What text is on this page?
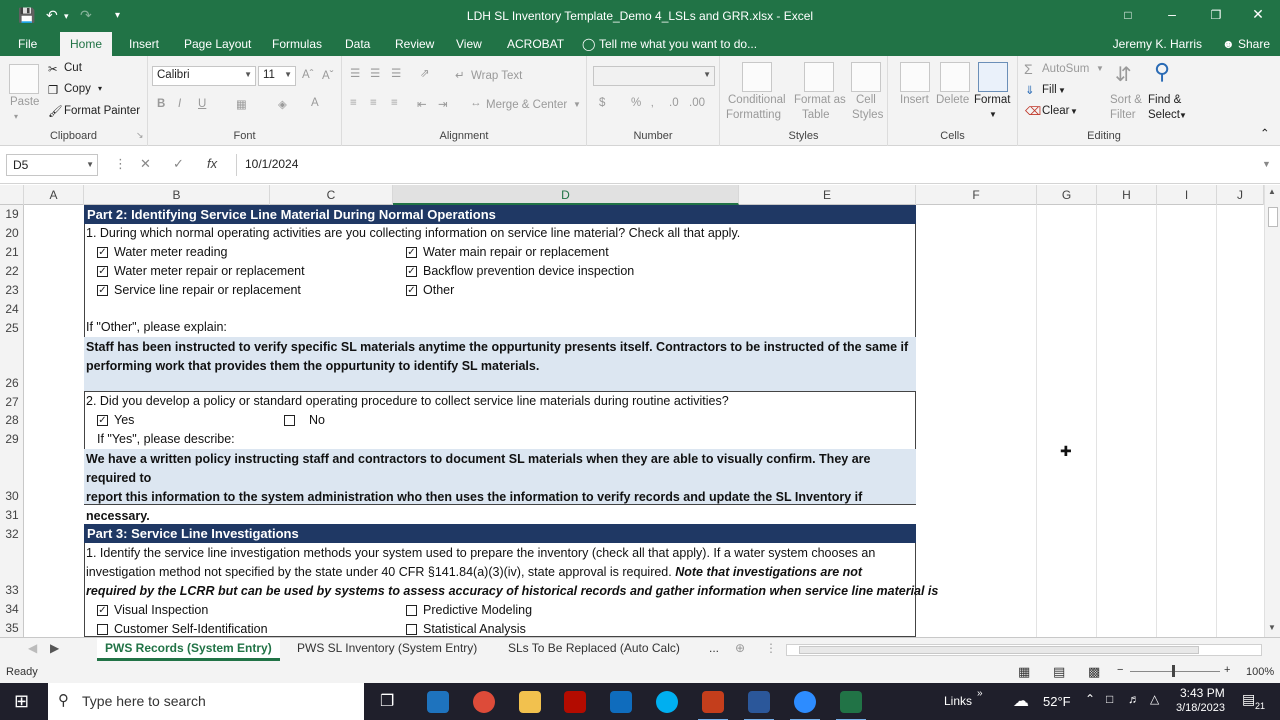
💾 ↶ ▾ ↷ ▾	LDH SL Inventory Template_Demo 4_LSLs and GRR.xlsx - Excel	□	–	❐	✕
File	Home	Insert Page Layout Formulas Data Review View ACROBAT ◯ Tell me what you want to do...	Jeremy K. Harris ☻ Share
Paste
▾
✂ Cut
❐ Copy ▾
🖌 Format Painter
Clipboard	↘
Calibri	▼ 11 ▼ Aˆ Aˇ
B I U	▦	◈ A
Font
☰ ☰ ☰ ⇗ ↵ Wrap Text
≡ ≡ ≡ ⇤ ⇥ ↔ Merge & Center ▼
Alignment
▼
$ % ‚ .0 .00
Number
Conditional
Formatting
Format as
Table
Cell
Styles
Styles
Insert Delete Format
▼
Cells
Σ AutoSum ▼
⇓ Fill ▼
⌫ Clear ▼
⇵
Sort &
Filter
⚲
Find &
Select ▼
Editing	⌃
D5	▼ ⋮ ✕ ✓ fx	10/1/2024	▼
A	B	C	D	E	F	G	H	I	J
19
20
21
22
23
24
25
26
27
28
29
30
31
32
33
34
35
Part 2: Identifying Service Line Material During Normal Operations
1. During which normal operating activities are you collecting information on service line material? Check all that apply.
✓ Water meter reading	✓ Water main repair or replacement
✓ Water meter repair or replacement	✓ Backflow prevention device inspection
✓ Service line repair or replacement	✓ Other
If "Other", please explain:
Staff has been instructed to verify specific SL materials anytime the oppurtunity presents itself. Contractors to be instructed of the same if
performing work that provides them the oppurtunity to identify SL materials.
2. Did you develop a policy or standard operating procedure to collect service line materials during routine activities?
✓ Yes	No
If "Yes", please describe:
We have a written policy instructing staff and contractors to document SL materials when they are able to visually confirm. They are required to
report this information to the system administration who then uses the information to verify records and update the SL Inventory if necessary.
Part 3: Service Line Investigations
1. Identify the service line investigation methods your system used to prepare the inventory (check all that apply). If a water system chooses an
investigation method not specified by the state under 40 CFR §141.84(a)(3)(iv), state approval is required. Note that investigations are not
required by the LCRR but can be used by systems to assess accuracy of historical records and gather information when service line material is
✓ Visual Inspection	Predictive Modeling
Customer Self-Identification	Statistical Analysis
✚
▲
▼
◀ ▶	PWS Records (System Entry)	PWS SL Inventory (System Entry)	SLs To Be Replaced (Auto Calc) ... ⊕ ⋮
Ready	▦ ▤ ▩ −	+ 100%
⊞ ⚲ Type here to search	❐	Links
» ☁ 52°F ⌃ □ ♬ △ 3:43 PM
3/18/2023
▤ 21
